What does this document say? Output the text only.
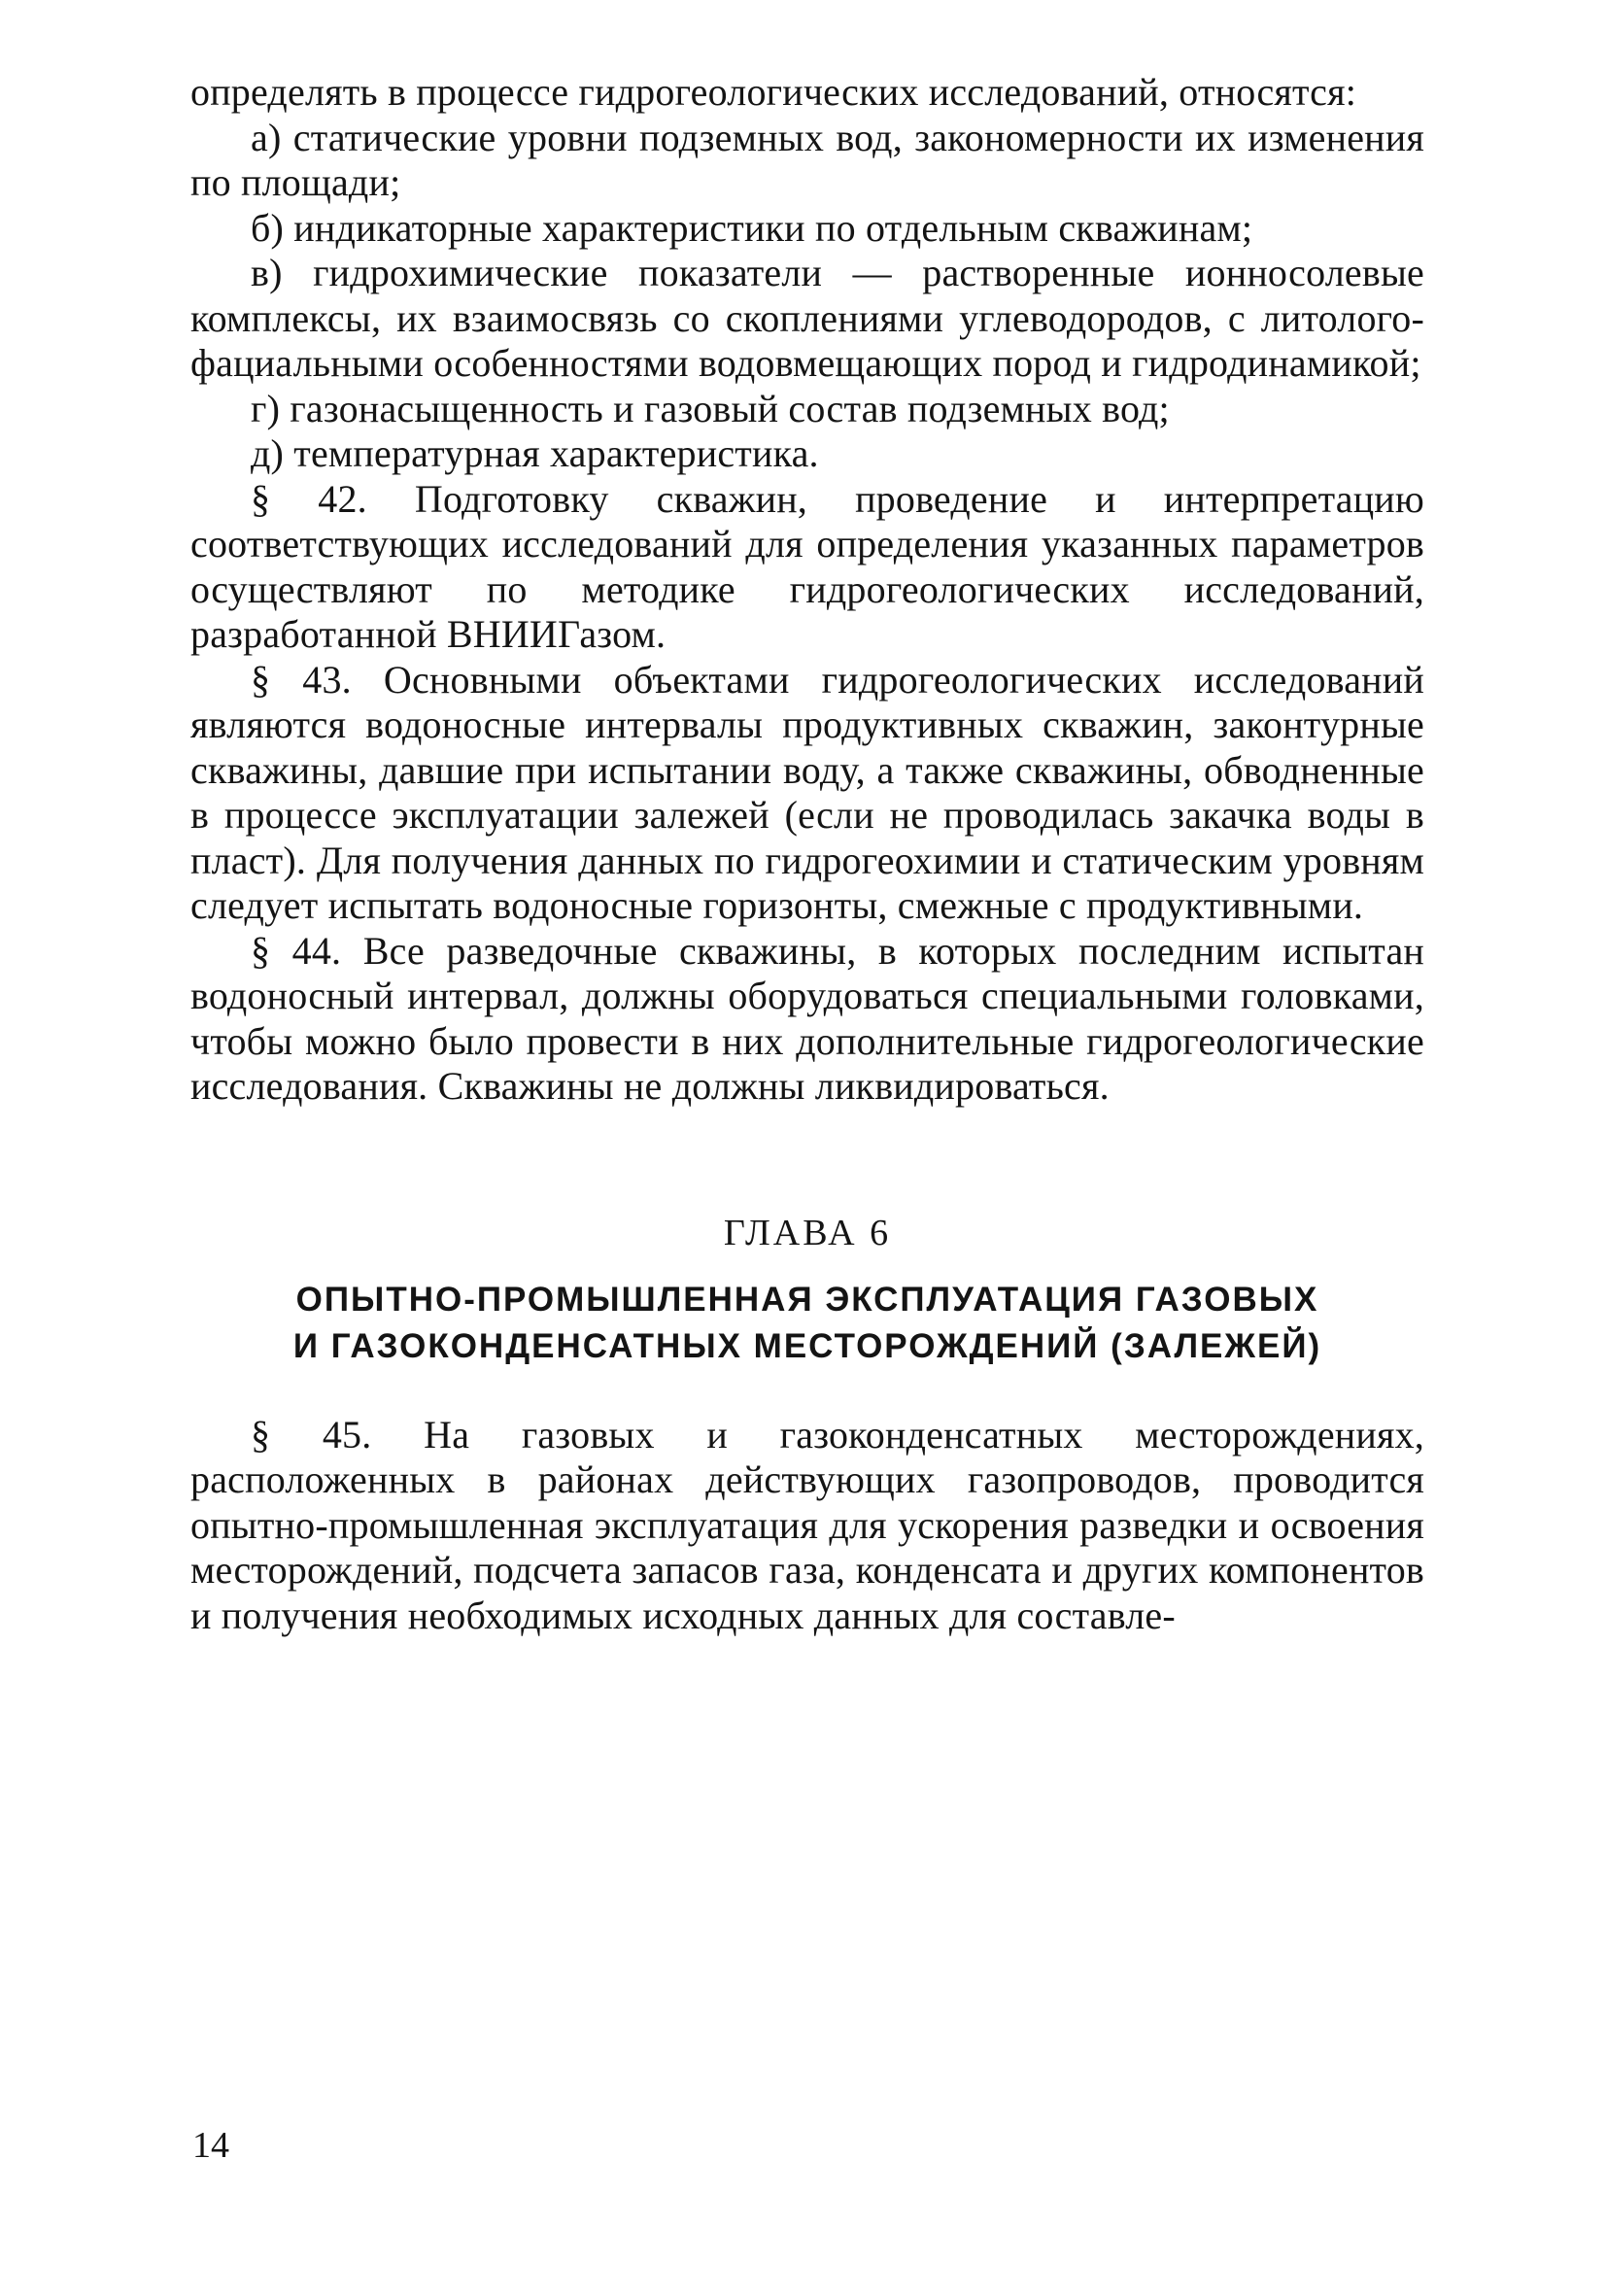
определять в процессе гидрогеологических исследований, относятся:

а) статические уровни подземных вод, закономерности их изменения по площади;

б) индикаторные характеристики по отдельным скважинам;

в) гидрохимические показатели — растворенные ионносолевые комплексы, их взаимосвязь со скоплениями углеводородов, с литолого-фациальными особенностями водовмещающих пород и гидродинамикой;

г) газонасыщенность и газовый состав подземных вод;

д) температурная характеристика.

§ 42. Подготовку скважин, проведение и интерпретацию соответствующих исследований для определения указанных параметров осуществляют по методике гидрогеологических исследований, разработанной ВНИИГазом.

§ 43. Основными объектами гидрогеологических исследований являются водоносные интервалы продуктивных скважин, законтурные скважины, давшие при испытании воду, а также скважины, обводненные в процессе эксплуатации залежей (если не проводилась закачка воды в пласт). Для получения данных по гидрогеохимии и статическим уровням следует испытать водоносные горизонты, смежные с продуктивными.

§ 44. Все разведочные скважины, в которых последним испытан водоносный интервал, должны оборудоваться специальными головками, чтобы можно было провести в них дополнительные гидрогеологические исследования. Скважины не должны ликвидироваться.

ГЛАВА 6

ОПЫТНО-ПРОМЫШЛЕННАЯ ЭКСПЛУАТАЦИЯ ГАЗОВЫХ

И ГАЗОКОНДЕНСАТНЫХ МЕСТОРОЖДЕНИЙ (ЗАЛЕЖЕЙ)

§ 45. На газовых и газоконденсатных месторождениях, расположенных в районах действующих газопроводов, проводится опытно-промышленная эксплуатация для ускорения разведки и освоения месторождений, подсчета запасов газа, конденсата и других компонентов и получения необходимых исходных данных для составле-

14
